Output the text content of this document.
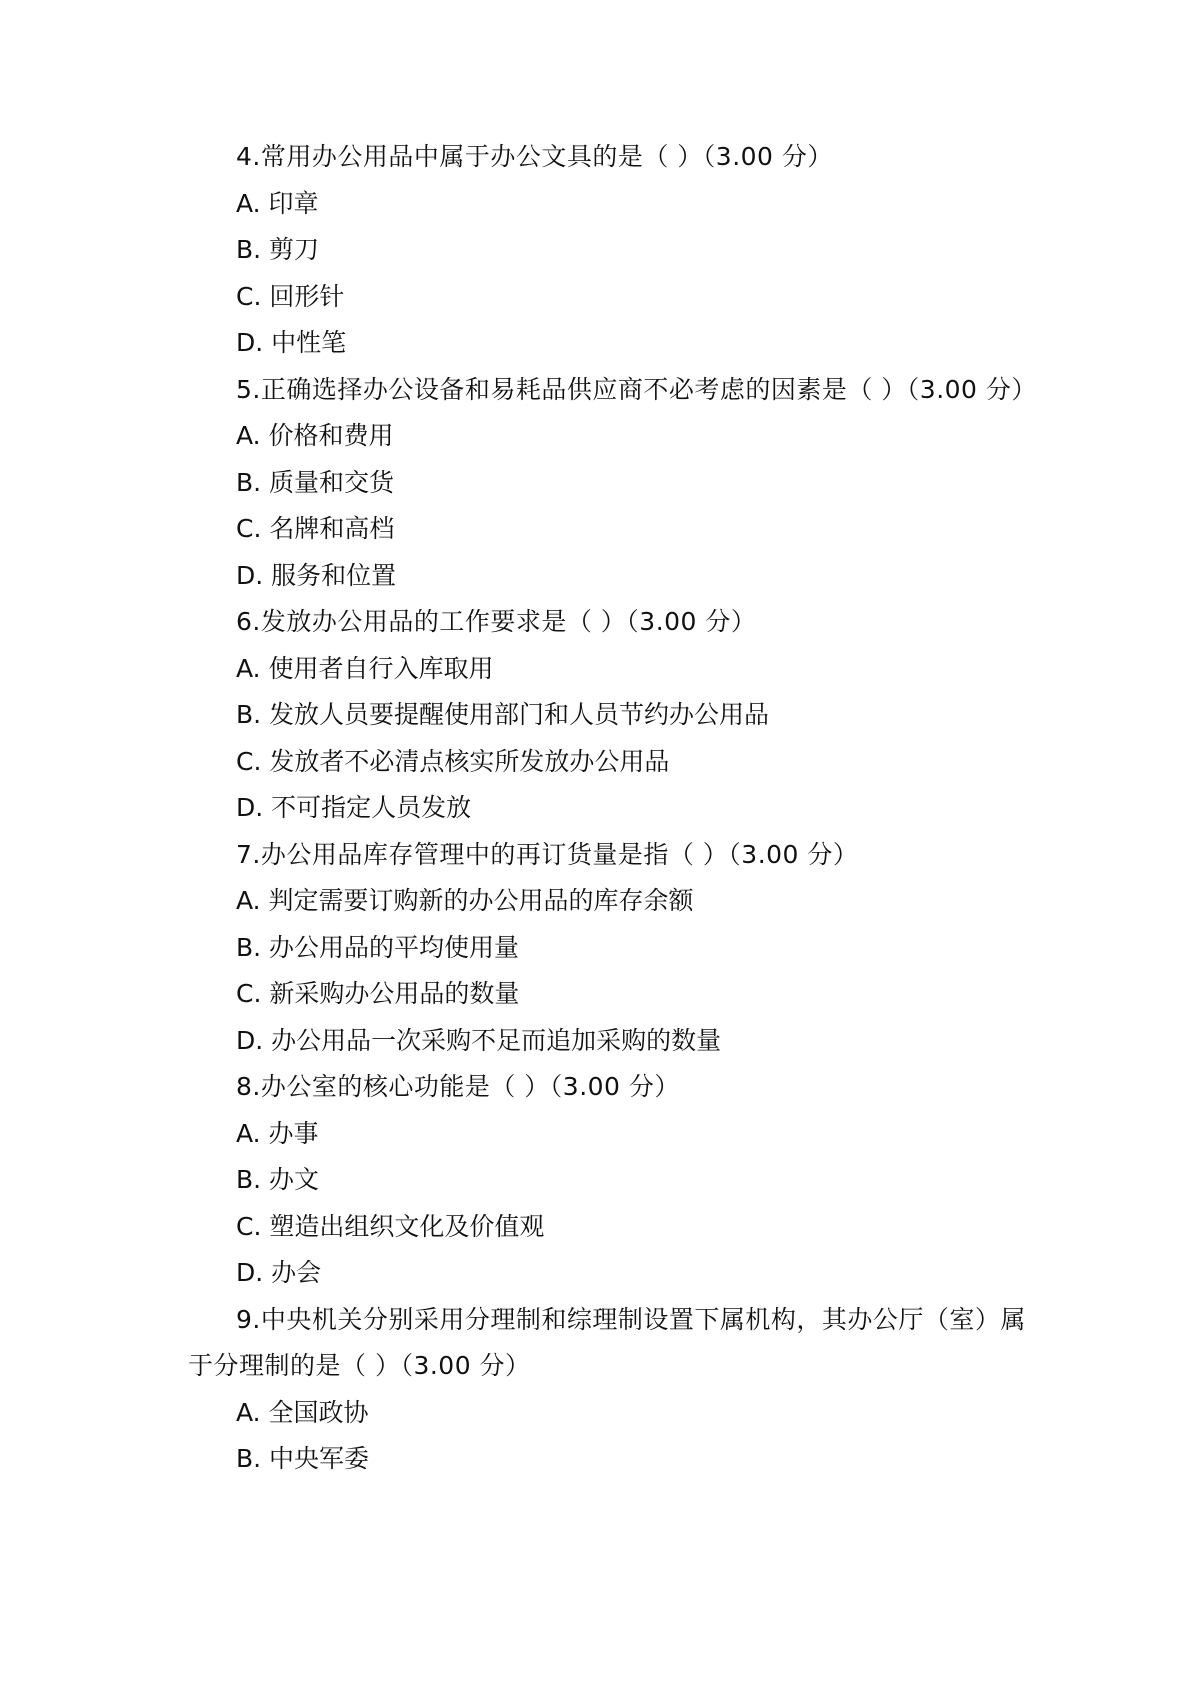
4.常用办公用品中属于办公文具的是（ ）（3.00 分）

A. 印章

B. 剪刀

C. 回形针

D. 中性笔

5.正确选择办公设备和易耗品供应商不必考虑的因素是（ ）（3.00 分）

A. 价格和费用

B. 质量和交货

C. 名牌和高档

D. 服务和位置

6.发放办公用品的工作要求是（ ）（3.00 分）

A. 使用者自行入库取用

B. 发放人员要提醒使用部门和人员节约办公用品

C. 发放者不必清点核实所发放办公用品

D. 不可指定人员发放

7.办公用品库存管理中的再订货量是指（ ）（3.00 分）

A. 判定需要订购新的办公用品的库存余额

B. 办公用品的平均使用量

C. 新采购办公用品的数量

D. 办公用品一次采购不足而追加采购的数量

8.办公室的核心功能是（ ）（3.00 分）

A. 办事

B. 办文

C. 塑造出组织文化及价值观

D. 办会

9.中央机关分别采用分理制和综理制设置下属机构，其办公厅（室）属于分理制的是（ ）（3.00 分）

A. 全国政协

B. 中央军委
